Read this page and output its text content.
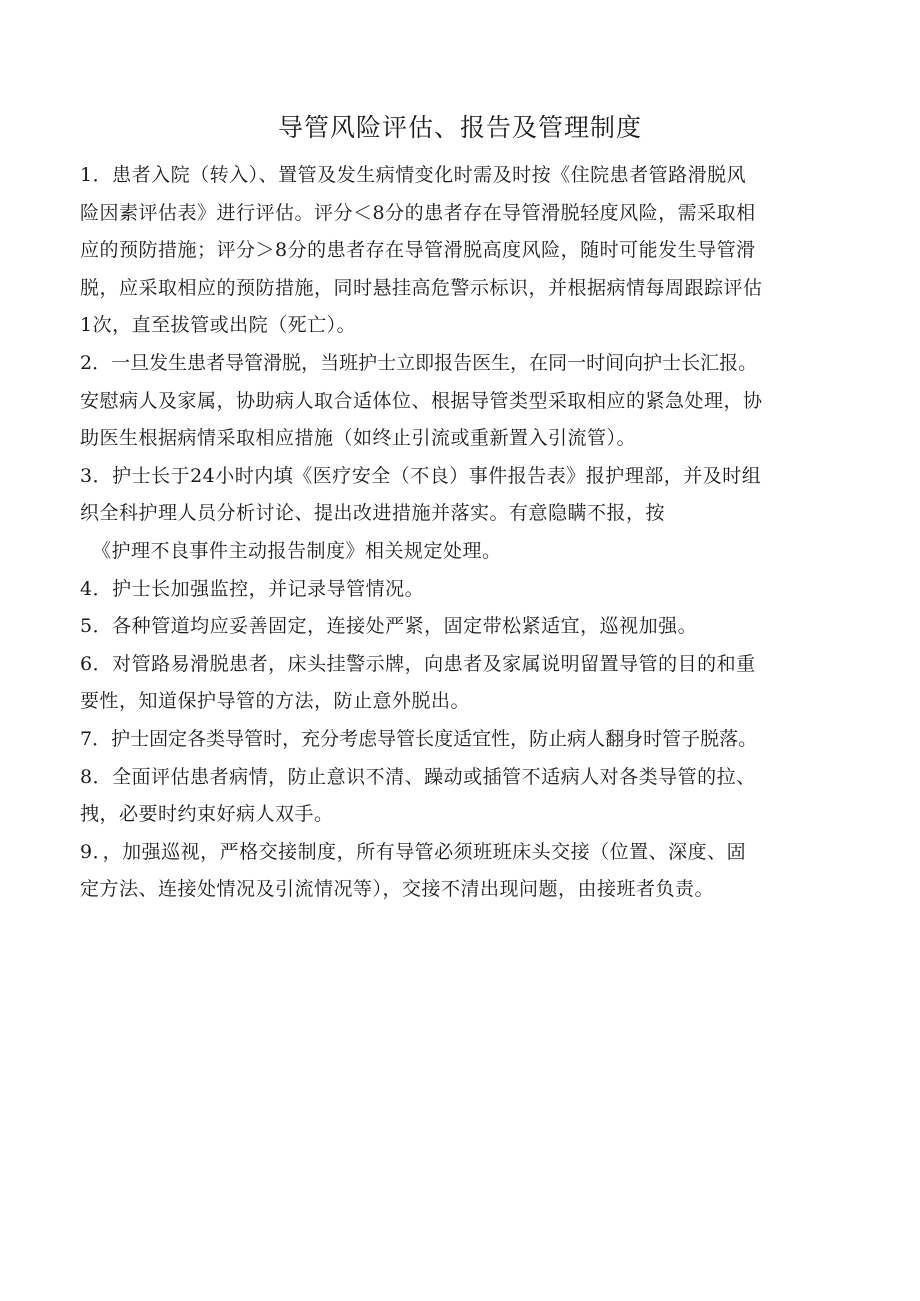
导管风险评估、报告及管理制度
1．患者入院（转入）、置管及发生病情变化时需及时按《住院患者管路滑脱风
险因素评估表》进行评估。评分＜8分的患者存在导管滑脱轻度风险，需采取相
应的预防措施；评分＞8分的患者存在导管滑脱高度风险，随时可能发生导管滑
脱，应采取相应的预防措施，同时悬挂高危警示标识，并根据病情每周跟踪评估
1次，直至拔管或出院（死亡）。
2．一旦发生患者导管滑脱，当班护士立即报告医生，在同一时间向护士长汇报。
安慰病人及家属，协助病人取合适体位、根据导管类型采取相应的紧急处理，协
助医生根据病情采取相应措施（如终止引流或重新置入引流管）。
3．护士长于24小时内填《医疗安全（不良）事件报告表》报护理部，并及时组
织全科护理人员分析讨论、提出改进措施并落实。有意隐瞒不报，按
《护理不良事件主动报告制度》相关规定处理。
4．护士长加强监控，并记录导管情况。
5．各种管道均应妥善固定，连接处严紧，固定带松紧适宜，巡视加强。
6．对管路易滑脱患者，床头挂警示牌，向患者及家属说明留置导管的目的和重
要性，知道保护导管的方法，防止意外脱出。
7．护士固定各类导管时，充分考虑导管长度适宜性，防止病人翻身时管子脱落。
8．全面评估患者病情，防止意识不清、躁动或插管不适病人对各类导管的拉、
拽，必要时约束好病人双手。
9．，加强巡视，严格交接制度，所有导管必须班班床头交接（位置、深度、固
定方法、连接处情况及引流情况等），交接不清出现问题，由接班者负责。
